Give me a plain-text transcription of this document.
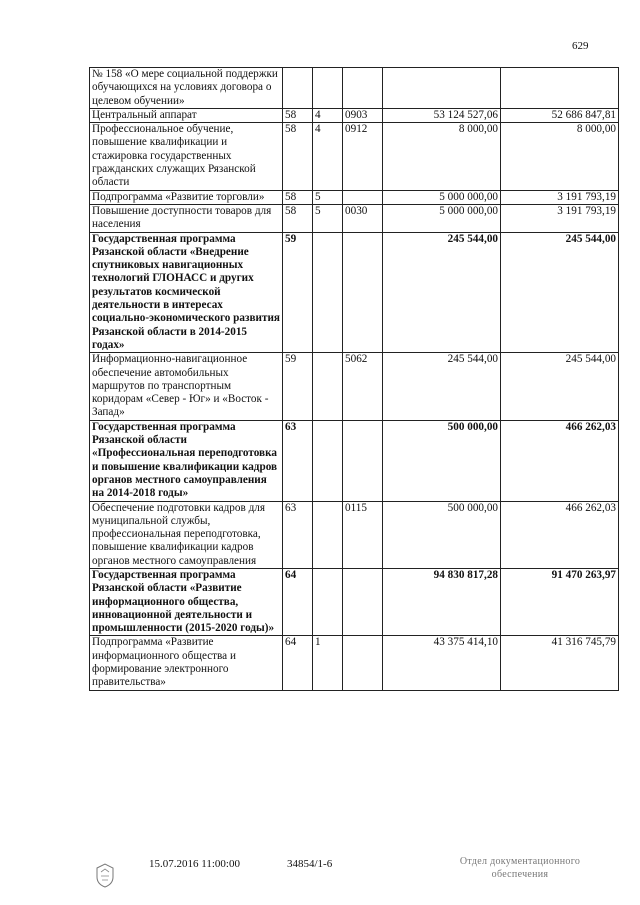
629
№ 158 «О мере социальной поддержки обучающихся на условиях договора о целевом обучении»					
Центральный аппарат	58	4	0903	53 124 527,06	52 686 847,81
Профессиональное обучение, повышение квалификации и стажировка государственных гражданских служащих Рязанской области	58	4	0912	8 000,00	8 000,00
Подпрограмма «Развитие торговли»	58	5		5 000 000,00	3 191 793,19
Повышение доступности товаров для населения	58	5	0030	5 000 000,00	3 191 793,19
Государственная программа Рязанской области «Внедрение спутниковых навигационных технологий ГЛОНАСС и других результатов космической деятельности в интересах социально-экономического развития Рязанской области в 2014-2015 годах»	59			245 544,00	245 544,00
Информационно-навигационное обеспечение автомобильных маршрутов по транспортным коридорам «Север - Юг» и «Восток - Запад»	59		5062	245 544,00	245 544,00
Государственная программа Рязанской области «Профессиональная переподготовка и повышение квалификации кадров органов местного самоуправления на 2014-2018 годы»	63			500 000,00	466 262,03
Обеспечение подготовки кадров для муниципальной службы, профессиональная переподготовка, повышение квалификации кадров органов местного самоуправления	63		0115	500 000,00	466 262,03
Государственная программа Рязанской области «Развитие информационного общества, инновационной деятельности и промышленности (2015-2020 годы)»	64			94 830 817,28	91 470 263,97
Подпрограмма «Развитие информационного общества и формирование электронного правительства»	64	1		43 375 414,10	41 316 745,79
15.07.2016 11:00:00	34854/1-6	Отдел документационного обеспечения
